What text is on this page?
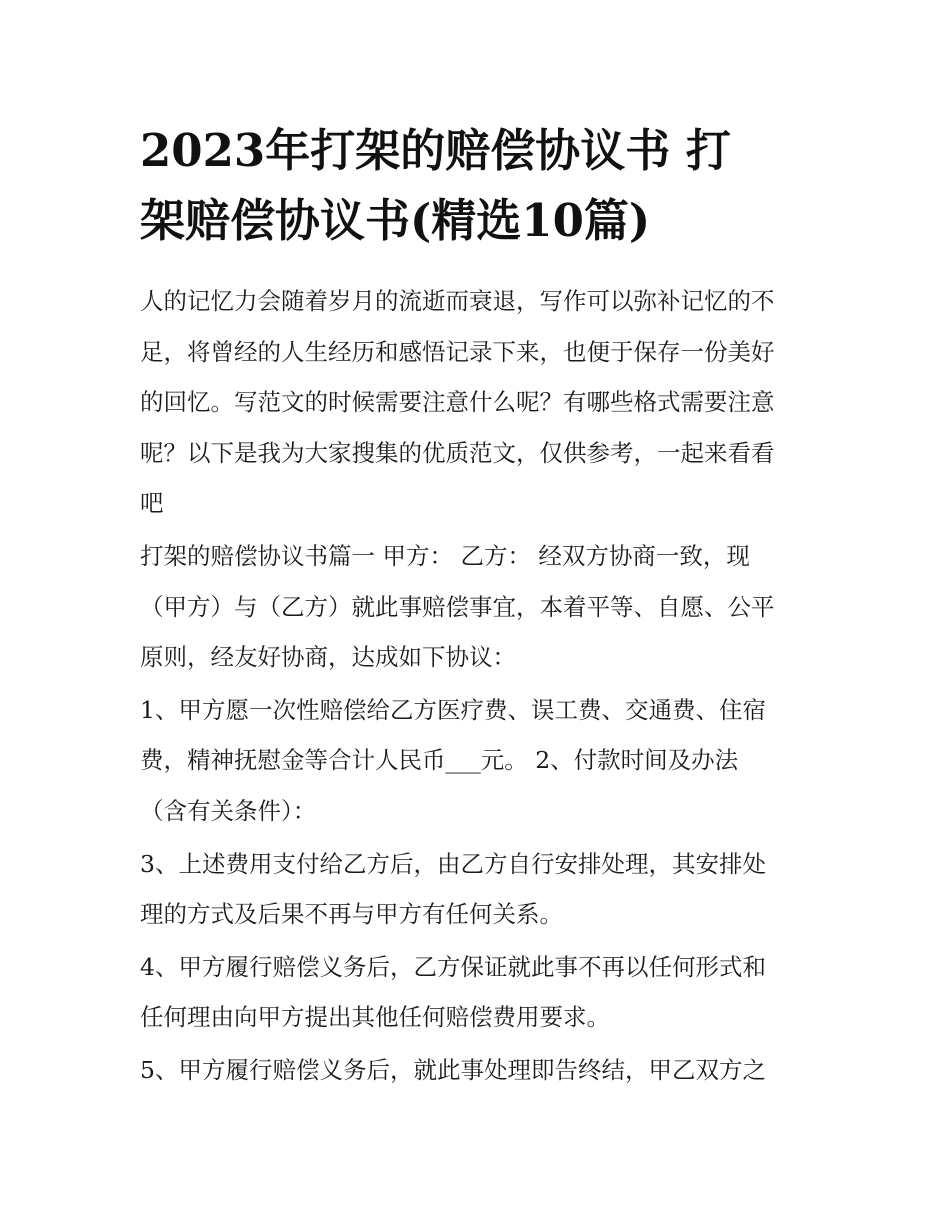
2023年打架的赔偿协议书 打
架赔偿协议书(精选10篇)

人的记忆力会随着岁月的流逝而衰退，写作可以弥补记忆的不
足，将曾经的人生经历和感悟记录下来，也便于保存一份美好
的回忆。写范文的时候需要注意什么呢？有哪些格式需要注意
呢？以下是我为大家搜集的优质范文，仅供参考，一起来看看
吧

打架的赔偿协议书篇一 甲方： 乙方： 经双方协商一致，现
（甲方）与（乙方）就此事赔偿事宜，本着平等、自愿、公平
原则，经友好协商，达成如下协议：

1、甲方愿一次性赔偿给乙方医疗费、误工费、交通费、住宿
费，精神抚慰金等合计人民币___元。 2、付款时间及办法
（含有关条件）：

3、上述费用支付给乙方后，由乙方自行安排处理，其安排处
理的方式及后果不再与甲方有任何关系。

4、甲方履行赔偿义务后，乙方保证就此事不再以任何形式和
任何理由向甲方提出其他任何赔偿费用要求。

5、甲方履行赔偿义务后，就此事处理即告终结，甲乙双方之
